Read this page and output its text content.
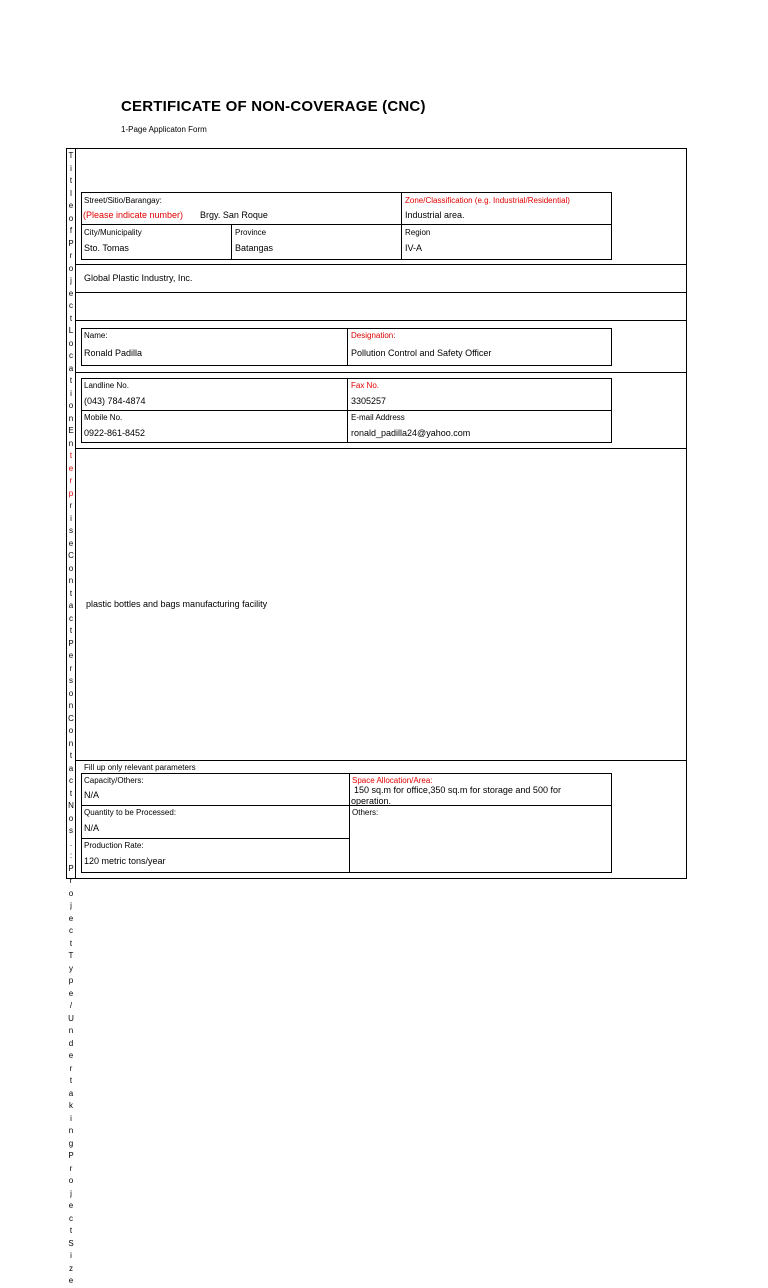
CERTIFICATE OF NON-COVERAGE (CNC)
1-Page Applicaton Form
T
i
t
l
e
o
f
P
r
o
j
e
c
t
L
o
c
a
t
i
o
n
E
n
t
e
r
p
r
i
s
e
C
o
n
t
a
c
t
P
e
r
s
o
n
C
o
n
t
a
c
t
N
o
s
.
:
P
r
o
j
e
c
t
T
y
p
e
/
U
n
d
e
r
t
a
k
i
n
g
P
r
o
j
e
c
t
S
i
z
e
Street/Sitio/Barangay:
(Please indicate number) Brgy. San Roque
Zone/Classification (e.g. Industrial/Residential)
Industrial area.
City/Municipality
Sto. Tomas
Province
Batangas
Region
IV-A
Global Plastic Industry, Inc.
Name:
Ronald Padilla
Designation:
Pollution Control and Safety Officer
Landline No.
(043) 784-4874
Fax No.
3305257
Mobile No.
0922-861-8452
E-mail Address
ronald_padilla24@yahoo.com
plastic bottles and bags manufacturing facility
Fill up only relevant parameters
Capacity/Others:
N/A
Space Allocation/Area:
150 sq.m for office,350 sq.m for storage and 500 for
operation.
Quantity to be Processed:
N/A
Others:
Production Rate:
120 metric tons/year
